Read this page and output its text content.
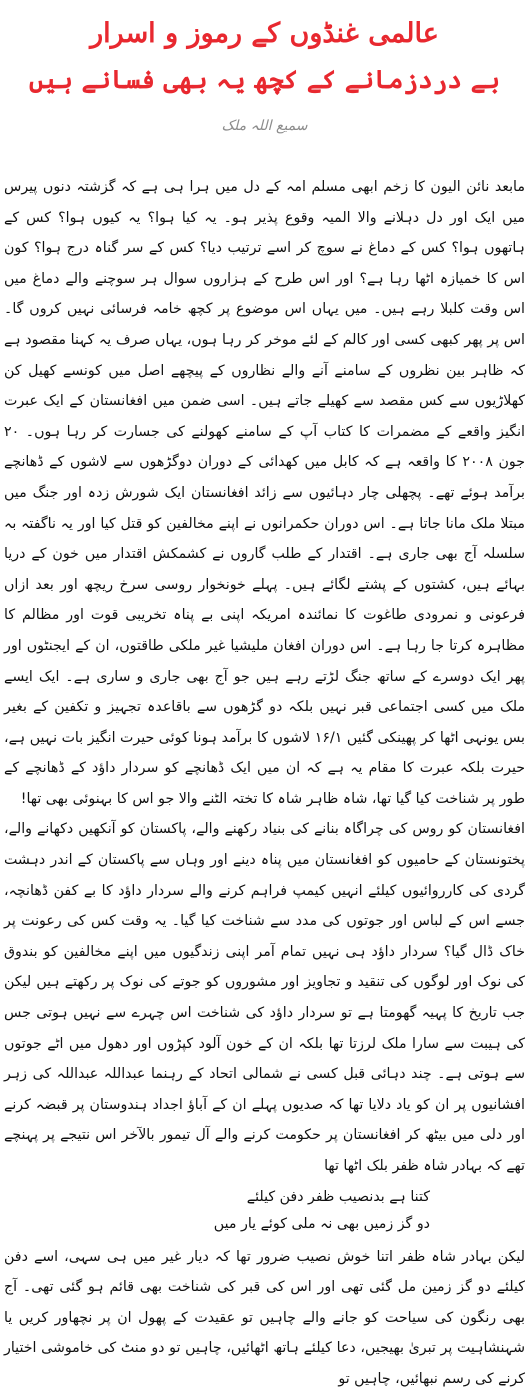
عالمی غنڈوں کے رموز و اسرار
بے دردزمانے کے کچھ یہ بھی فسانے ہیں
سمیع اللہ ملک

مابعد نائن الیون کا زخم ابھی مسلم امہ کے دل میں ہرا ہی ہے کہ گزشتہ دنوں پیرس میں ایک اور دل دہلانے والا المیہ وقوع پذیر ہو۔ یہ کیا ہوا؟ یہ کیوں ہوا؟ کس کے ہاتھوں ہوا؟ کس کے دماغ نے سوچ کر اسے ترتیب دیا؟ کس کے سر گناہ درج ہوا؟ کون اس کا خمیازہ اٹھا رہا ہے؟ اور اس طرح کے ہزاروں سوال ہر سوچنے والے دماغ میں اس وقت کلبلا رہے ہیں۔ میں یہاں اس موضوع پر کچھ خامہ فرسائی نہیں کروں گا۔ اس پر پھر کبھی کسی اور کالم کے لئے موخر کر رہا ہوں، یہاں صرف یہ کہنا مقصود ہے کہ ظاہر بین نظروں کے سامنے آنے والے نظاروں کے پیچھے اصل میں کونسے کھیل کن کھلاڑیوں سے کس مقصد سے کھیلے جاتے ہیں۔ اسی ضمن میں افغانستان کے ایک عبرت انگیز واقعے کے مضمرات کا کتاب آپ کے سامنے کھولنے کی جسارت کر رہا ہوں۔ ۲۰ جون ۲۰۰۸ کا واقعہ ہے کہ کابل میں کھدائی کے دوران دوگڑھوں سے لاشوں کے ڈھانچے برآمد ہوئے تھے۔ پچھلی چار دہائیوں سے زائد افغانستان ایک شورش زدہ اور جنگ میں مبتلا ملک مانا جاتا ہے۔ اس دوران حکمرانوں نے اپنے مخالفین کو قتل کیا اور یہ ناگفتہ بہ سلسلہ آج بھی جاری ہے۔ اقتدار کے طلب گاروں نے کشمکش اقتدار میں خون کے دریا بہائے ہیں، کشتوں کے پشتے لگائے ہیں۔ پہلے خونخوار روسی سرخ ریچھ اور بعد ازاں فرعونی و نمرودی طاغوت کا نمائندہ امریکہ اپنی بے پناہ تخریبی قوت اور مظالم کا مظاہرہ کرتا جا رہا ہے۔ اس دوران افغان ملیشیا غیر ملکی طاقتوں، ان کے ایجنٹوں اور پھر ایک دوسرے کے ساتھ جنگ لڑتے رہے ہیں جو آج بھی جاری و ساری ہے۔ ایک ایسے ملک میں کسی اجتماعی قبر نہیں بلکہ دو گڑھوں سے باقاعدہ تجہیز و تکفین کے بغیر بس یونہی اٹھا کر پھینکی گئیں ۱۶/۱ لاشوں کا برآمد ہونا کوئی حیرت انگیز بات نہیں ہے، حیرت بلکہ عبرت کا مقام یہ ہے کہ ان میں ایک ڈھانچے کو سردار داؤد کے ڈھانچے کے طور پر شناخت کیا گیا تھا، شاہ ظاہر شاہ کا تختہ الٹنے والا جو اس کا بہنوئی بھی تھا!

افغانستان کو روس کی چراگاہ بنانے کی بنیاد رکھنے والے، پاکستان کو آنکھیں دکھانے والے، پختونستان کے حامیوں کو افغانستان میں پناہ دینے اور وہاں سے پاکستان کے اندر دہشت گردی کی کارروائیوں کیلئے انہیں کیمپ فراہم کرنے والے سردار داؤد کا بے کفن ڈھانچہ، جسے اس کے لباس اور جوتوں کی مدد سے شناخت کیا گیا۔ یہ وقت کس کی رعونت پر خاک ڈال گیا؟ سردار داؤد ہی نہیں تمام آمر اپنی زندگیوں میں اپنے مخالفین کو بندوق کی نوک اور لوگوں کی تنقید و تجاویز اور مشوروں کو جوتے کی نوک پر رکھتے ہیں لیکن جب تاریخ کا پہیہ گھومتا ہے تو سردار داؤد کی شناخت اس چہرے سے نہیں ہوتی جس کی ہیبت سے سارا ملک لرزتا تھا بلکہ ان کے خون آلود کپڑوں اور دھول میں اٹے جوتوں سے ہوتی ہے۔ چند دہائی قبل کسی نے شمالی اتحاد کے رہنما عبداللہ عبداللہ کی زہر افشانیوں پر ان کو یاد دلایا تھا کہ صدیوں پہلے ان کے آباؤ اجداد ہندوستان پر قبضہ کرنے اور دلی میں بیٹھ کر افغانستان پر حکومت کرنے والے آل تیمور بالآخر اس نتیجے پر پہنچے تھے کہ بہادر شاہ ظفر بلک اٹھا تھا

کتنا ہے بدنصیب ظفر دفن کیلئے

دو گز زمیں بھی نہ ملی کوئے یار میں

لیکن بہادر شاہ ظفر اتنا خوش نصیب ضرور تھا کہ دیار غیر میں ہی سہی، اسے دفن کیلئے دو گز زمین مل گئی تھی اور اس کی قبر کی شناخت بھی قائم ہو گئی تھی۔ آج بھی رنگون کی سیاحت کو جانے والے چاہیں تو عقیدت کے پھول ان پر نچھاور کریں یا شہنشاہیت پر تبریٰ بھیجیں، دعا کیلئے ہاتھ اٹھائیں، چاہیں تو دو منٹ کی خاموشی اختیار کرنے کی رسم نبھائیں، چاہیں تو
